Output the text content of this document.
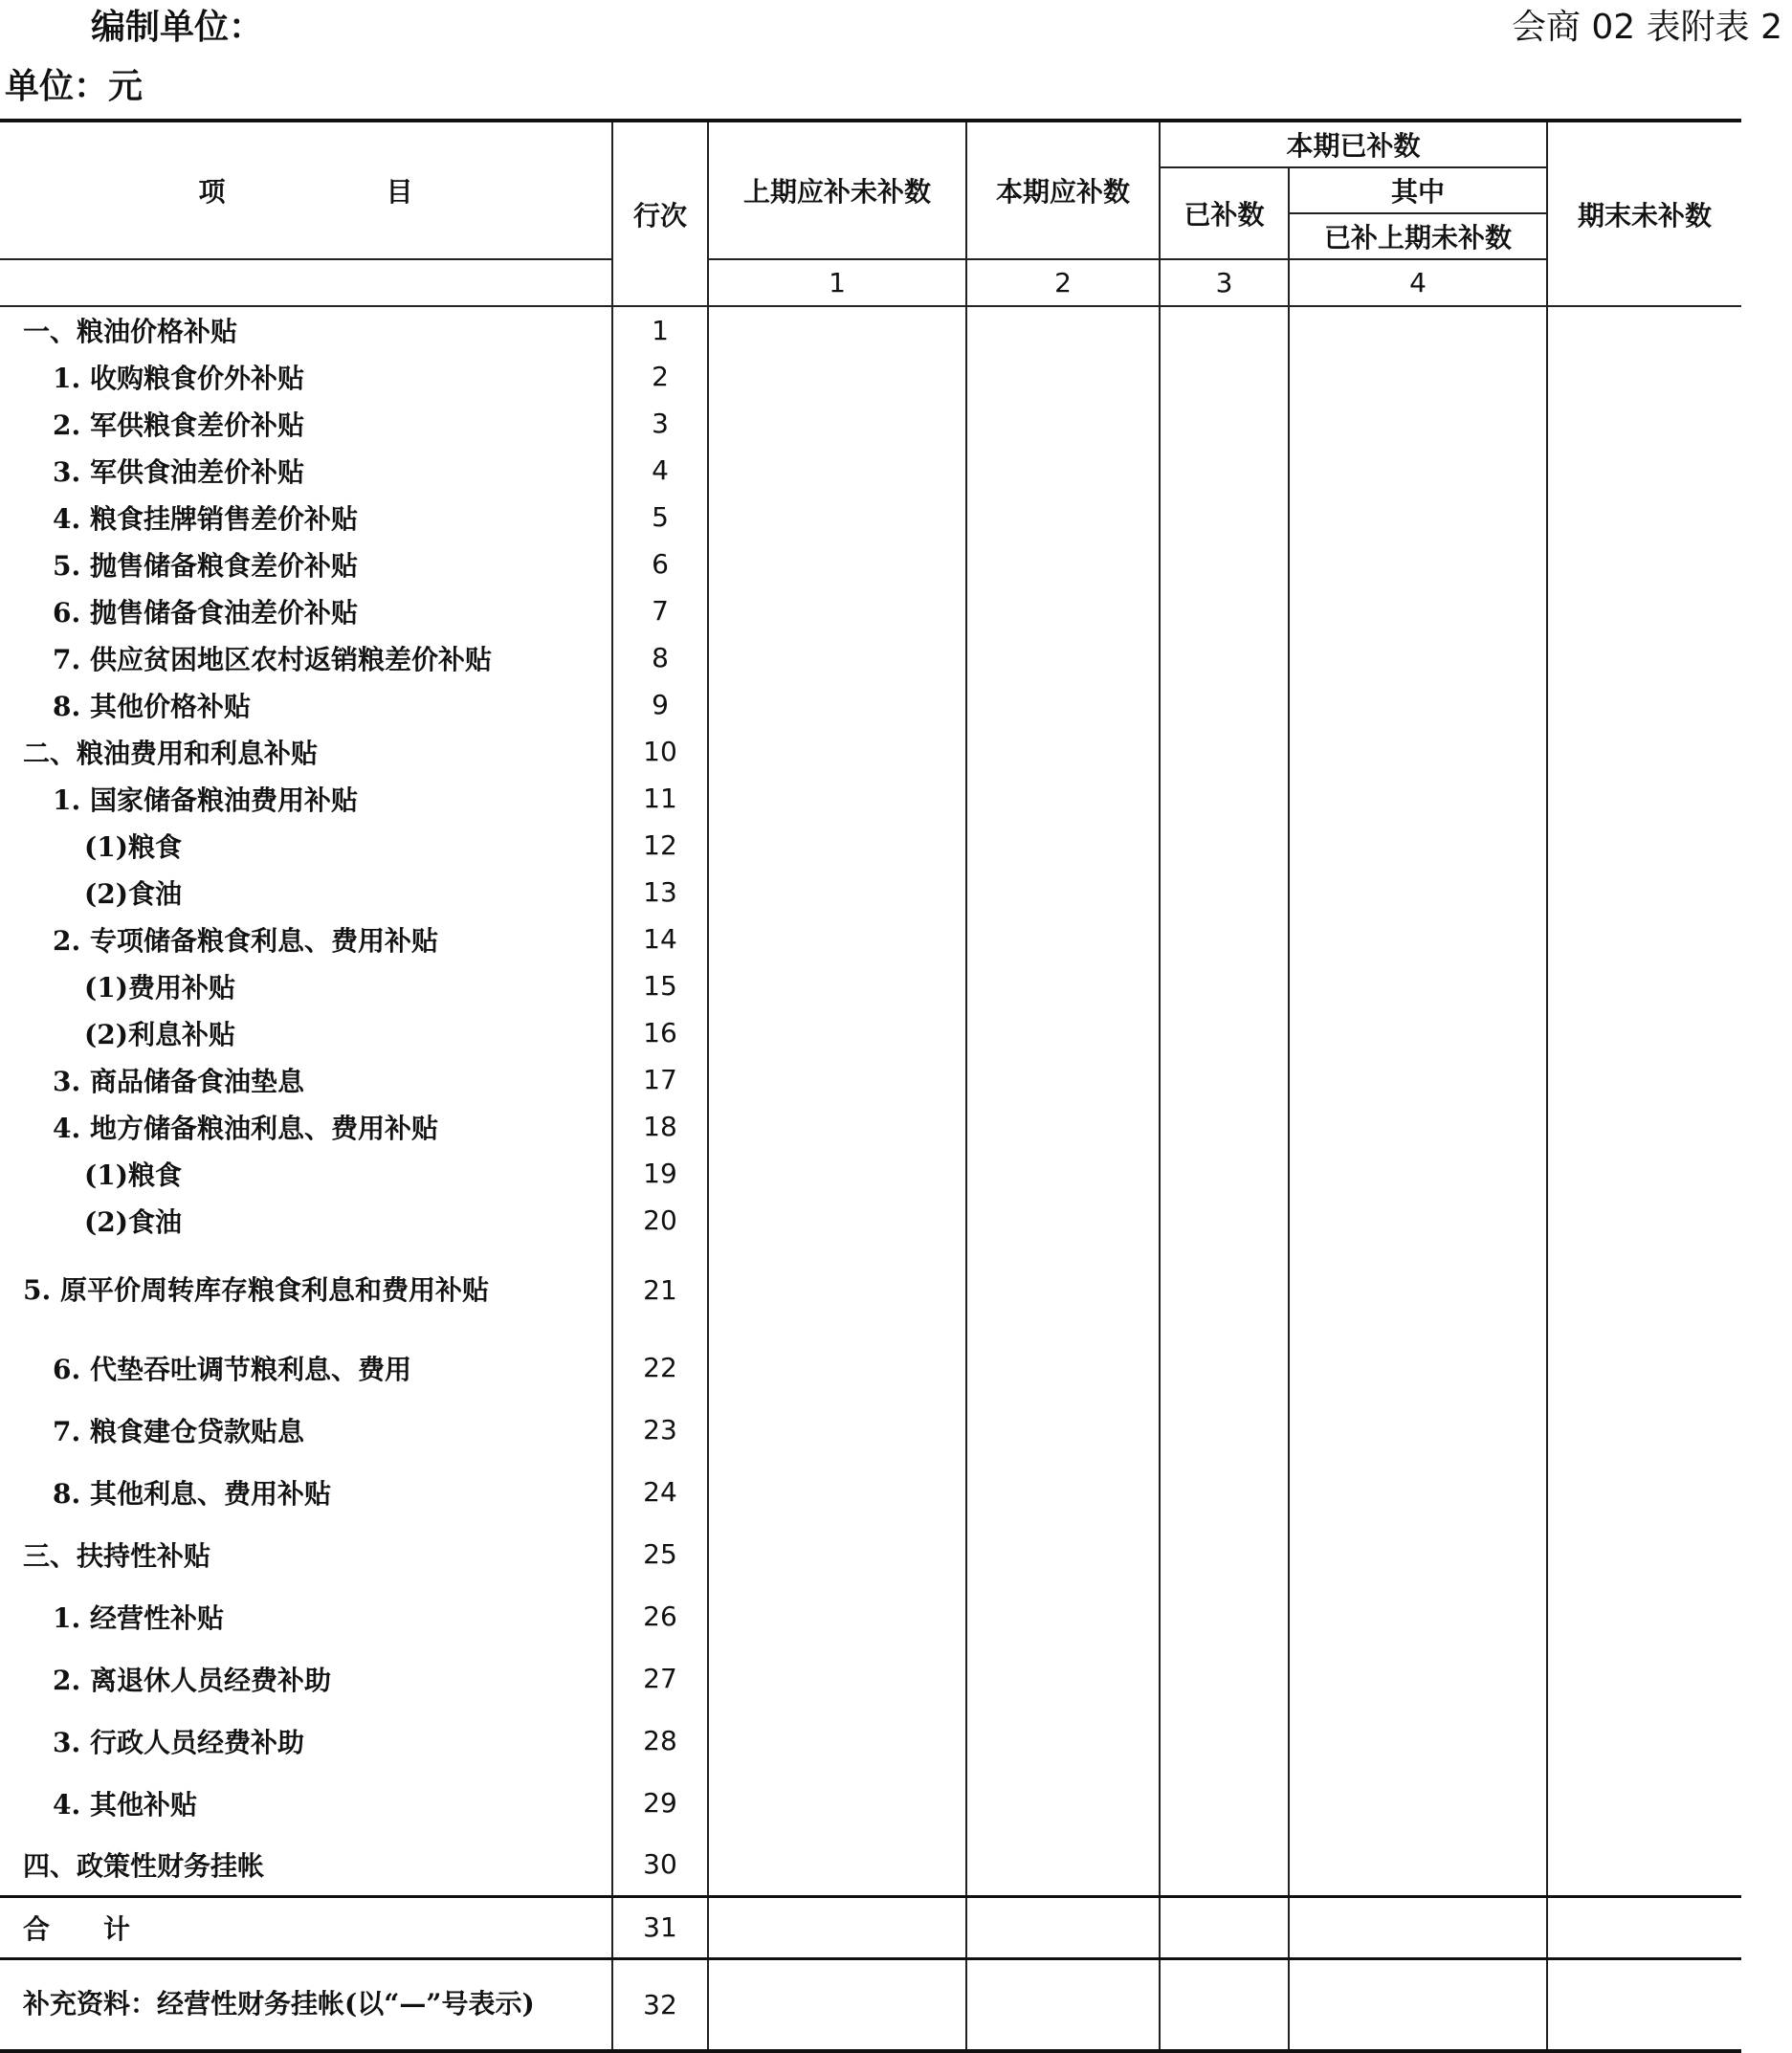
编制单位：	会商 02 表附表 2
单位：元
项　　　　　　目	行次	上期应补未补数	本期应补数	本期已补数		期末未补数
				已补数	其中	
					已补上期未补数	
		1	2	3	4	
一、粮油价格补贴	1					
1. 收购粮食价外补贴	2					
2. 军供粮食差价补贴	3					
3. 军供食油差价补贴	4					
4. 粮食挂牌销售差价补贴	5					
5. 抛售储备粮食差价补贴	6					
6. 抛售储备食油差价补贴	7					
7. 供应贫困地区农村返销粮差价补贴	8					
8. 其他价格补贴	9					
二、粮油费用和利息补贴	10					
1. 国家储备粮油费用补贴	11					
(1)粮食	12					
(2)食油	13					
2. 专项储备粮食利息、费用补贴	14					
(1)费用补贴	15					
(2)利息补贴	16					
3. 商品储备食油垫息	17					
4. 地方储备粮油利息、费用补贴	18					
(1)粮食	19					
(2)食油	20					
5. 原平价周转库存粮食利息和费用补贴	21					
6. 代垫吞吐调节粮利息、费用	22					
7. 粮食建仓贷款贴息	23					
8. 其他利息、费用补贴	24					
三、扶持性补贴	25					
1. 经营性补贴	26					
2. 离退休人员经费补助	27					
3. 行政人员经费补助	28					
4. 其他补贴	29					
四、政策性财务挂帐	30					
合　　计	31					
补充资料：经营性财务挂帐(以“—”号表示)	32					
